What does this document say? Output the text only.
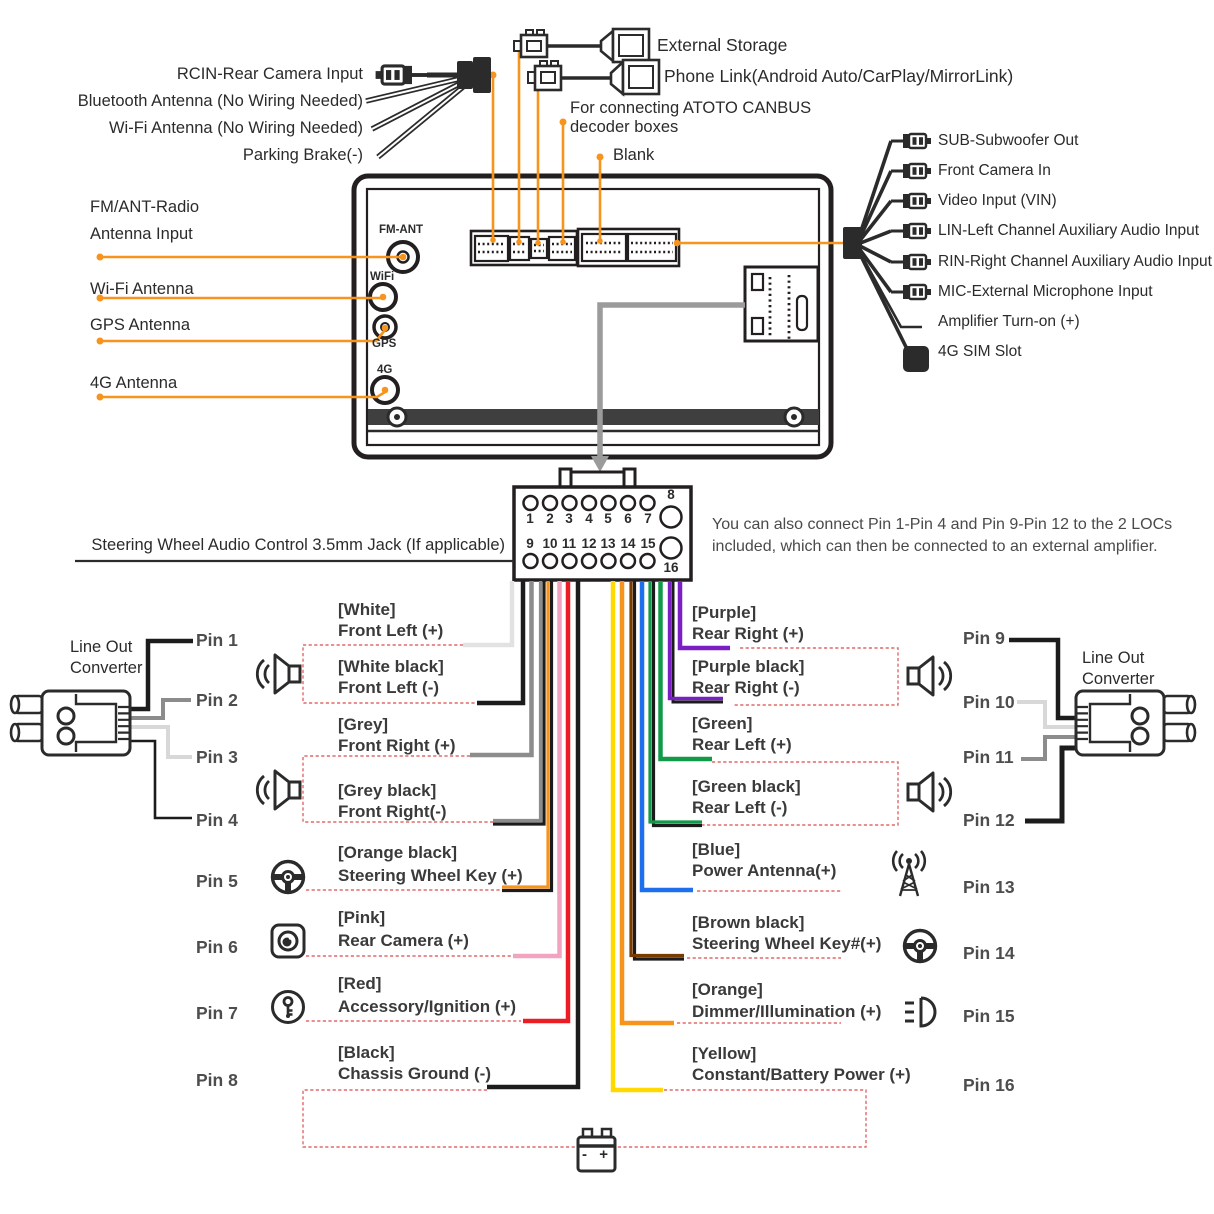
External Storage
Phone Link(Android Auto/CarPlay/MirrorLink)
For connecting ATOTO CANBUS
decoder boxes
Blank
RCIN-Rear Camera Input
Bluetooth Antenna (No Wiring Needed)
Wi-Fi Antenna (No Wiring Needed)
Parking Brake(-)
FM/ANT-Radio
Antenna Input
Wi-Fi Antenna
GPS Antenna
4G Antenna
FM-ANT
WiFi
GPS
4G
SUB-Subwoofer Out
Front Camera In
Video Input (VIN)
LIN-Left Channel Auxiliary Audio Input
RIN-Right Channel Auxiliary Audio Input
MIC-External Microphone Input
Amplifier Turn-on (+)
4G SIM Slot
Steering Wheel Audio Control 3.5mm Jack (If applicable)
You can also connect Pin 1-Pin 4 and Pin 9-Pin 12 to the 2 LOCs
included, which can then be connected to an external amplifier.
1 2 3 4 5 6 7
8
9 10 11 12 13 14 15
16
Line Out
Converter
Line Out
Converter
Pin 1
Pin 2
Pin 3
Pin 4
Pin 5
Pin 6
Pin 7
Pin 8
Pin 9
Pin 10
Pin 11
Pin 12
Pin 13
Pin 14
Pin 15
Pin 16
[White]
Front Left (+)
[White black]
Front Left (-)
[Grey]
Front Right (+)
[Grey black]
Front Right(-)
[Orange black]
Steering Wheel Key (+)
[Pink]
Rear Camera (+)
[Red]
Accessory/Ignition (+)
[Black]
Chassis Ground (-)
[Purple]
Rear Right (+)
[Purple black]
Rear Right (-)
[Green]
Rear Left (+)
[Green black]
Rear Left (-)
[Blue]
Power Antenna(+)
[Brown black]
Steering Wheel Key#(+)
[Orange]
Dimmer/Illumination (+)
[Yellow]
Constant/Battery Power (+)
- +
